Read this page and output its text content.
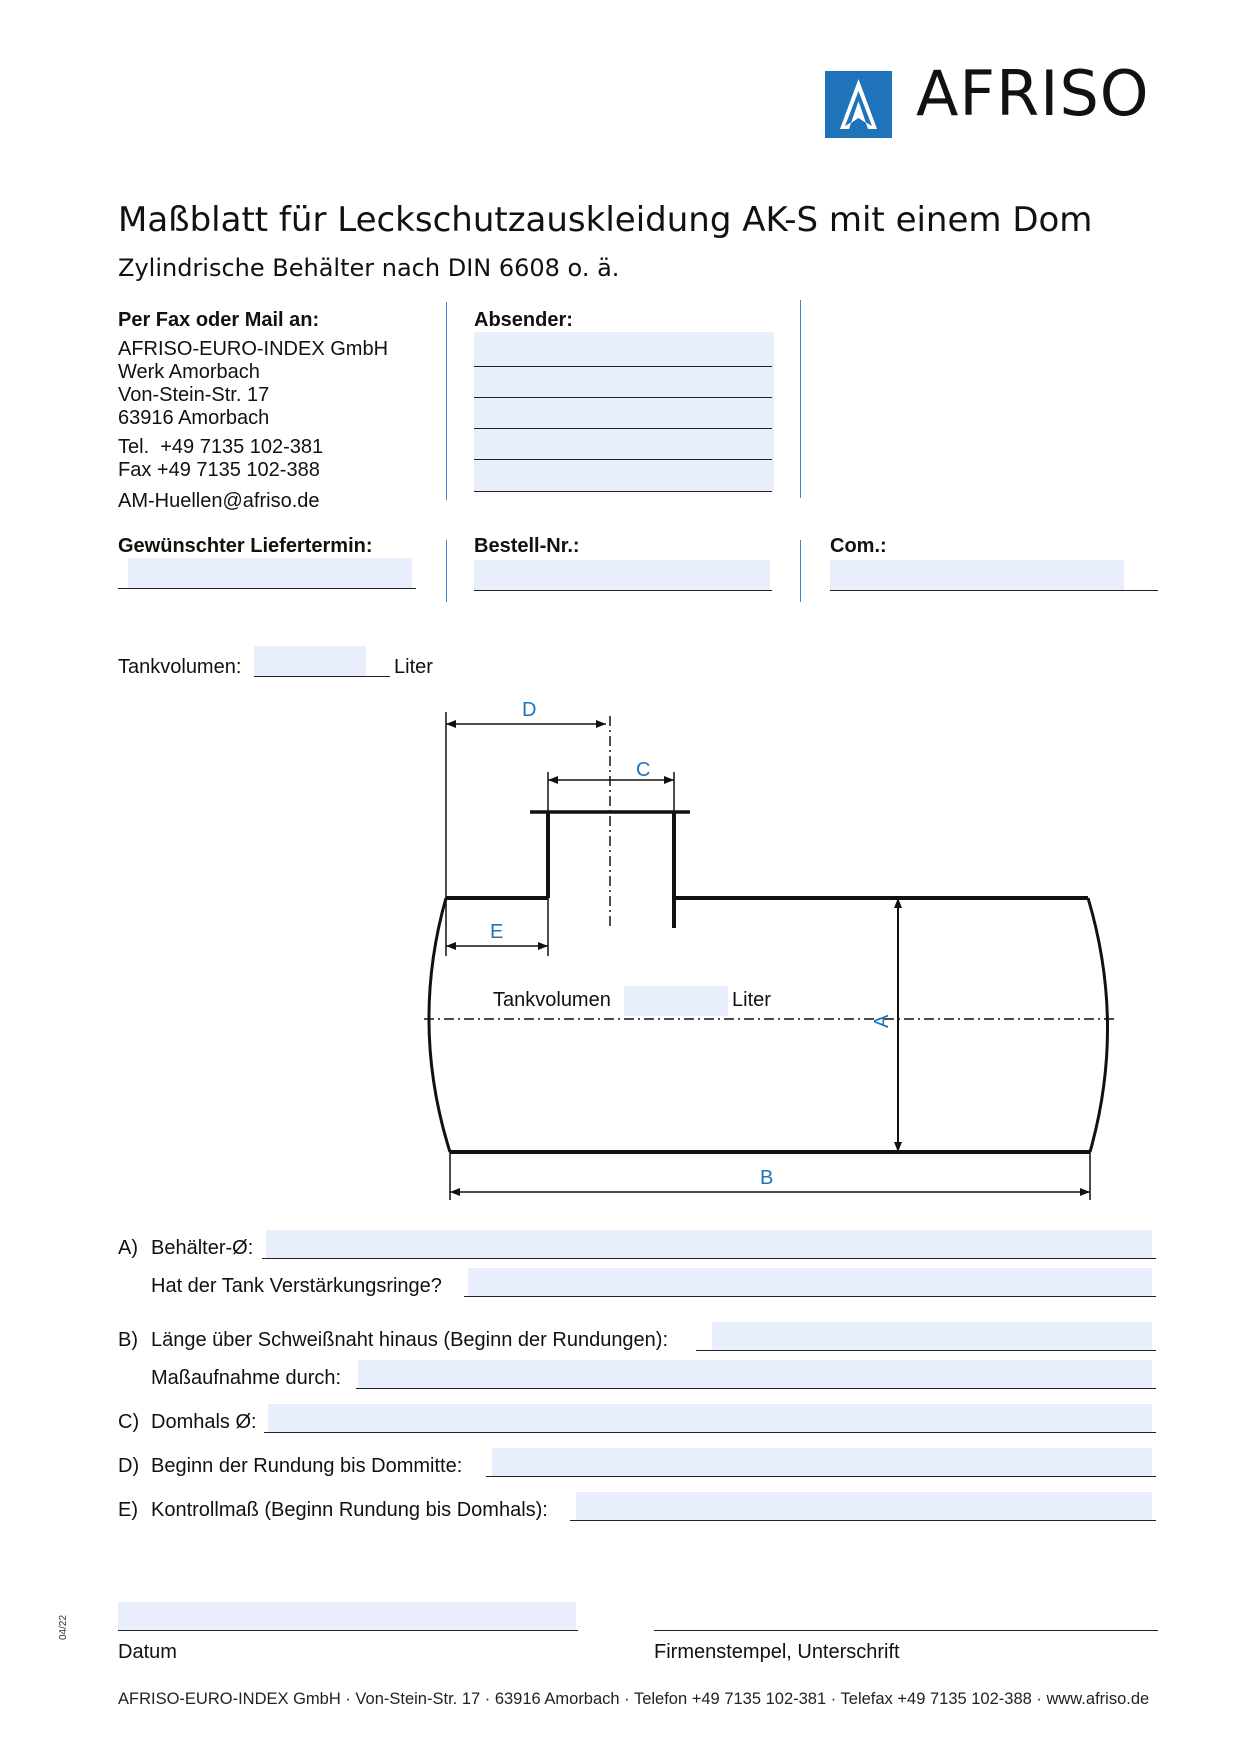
AFRISO
Maßblatt für Leckschutzauskleidung AK-S mit einem Dom
Zylindrische Behälter nach DIN 6608 o. ä.
Per Fax oder Mail an:
AFRISO-EURO-INDEX GmbH
Werk Amorbach
Von-Stein-Str. 17
63916 Amorbach
Tel.  +49 7135 102-381
Fax +49 7135 102-388
AM-Huellen@afriso.de
Absender:
Gewünschter Liefertermin:	Bestell-Nr.:	Com.:
Tankvolumen:	Liter
D
C
E
A
B
Tankvolumen	Liter
A) Behälter-Ø:
Hat der Tank Verstärkungsringe?
B) Länge über Schweißnaht hinaus (Beginn der Rundungen):
Maßaufnahme durch:
C) Domhals Ø:
D) Beginn der Rundung bis Dommitte:
E) Kontrollmaß (Beginn Rundung bis Domhals):
Datum	Firmenstempel, Unterschrift
04/22
AFRISO-EURO-INDEX GmbH · Von-Stein-Str. 17 · 63916 Amorbach · Telefon +49 7135 102-381 · Telefax +49 7135 102-388 · www.afriso.de
